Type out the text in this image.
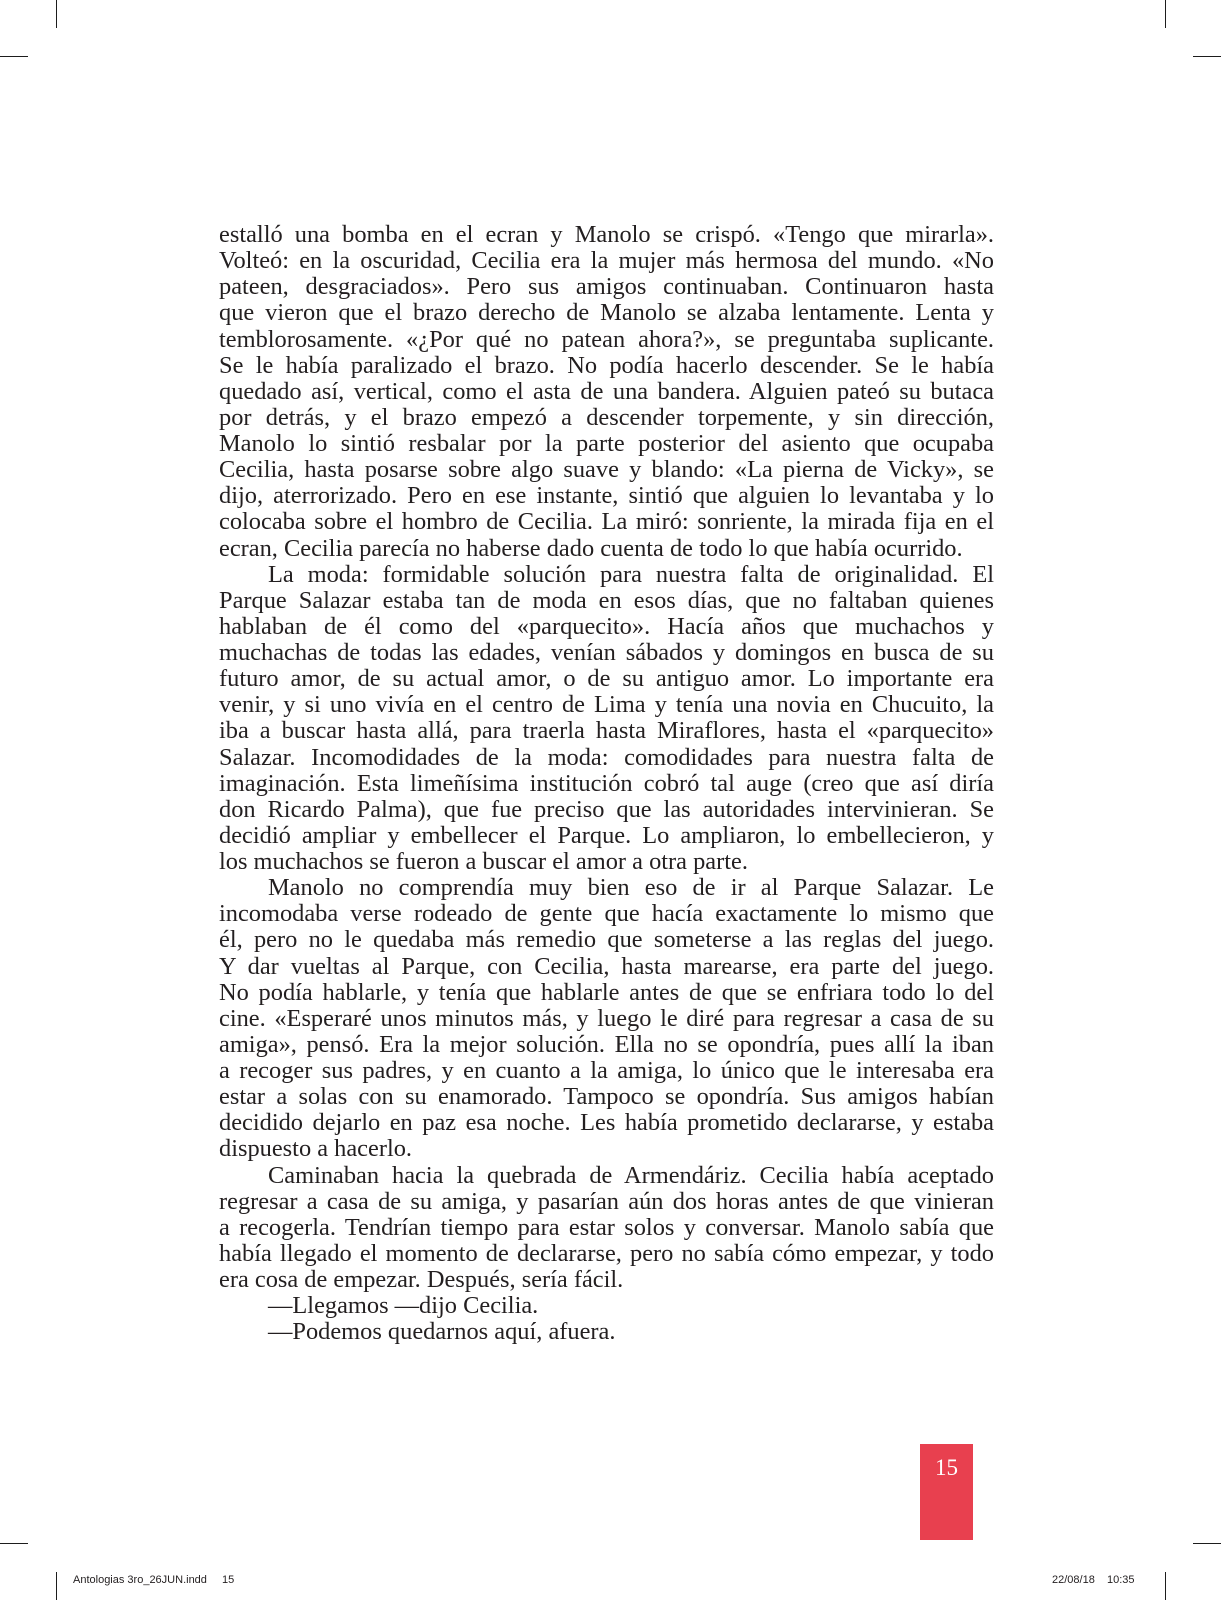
estalló una bomba en el ecran y Manolo se crispó. «Tengo que mirarla».
Volteó: en la oscuridad, Cecilia era la mujer más hermosa del mundo. «No
pateen, desgraciados». Pero sus amigos continuaban. Continuaron hasta
que vieron que el brazo derecho de Manolo se alzaba lentamente. Lenta y
temblorosamente. «¿Por qué no patean ahora?», se preguntaba suplicante.
Se le había paralizado el brazo. No podía hacerlo descender. Se le había
quedado así, vertical, como el asta de una bandera. Alguien pateó su butaca
por detrás, y el brazo empezó a descender torpemente, y sin dirección,
Manolo lo sintió resbalar por la parte posterior del asiento que ocupaba
Cecilia, hasta posarse sobre algo suave y blando: «La pierna de Vicky», se
dijo, aterrorizado. Pero en ese instante, sintió que alguien lo levantaba y lo
colocaba sobre el hombro de Cecilia. La miró: sonriente, la mirada fija en el
ecran, Cecilia parecía no haberse dado cuenta de todo lo que había ocurrido.
La moda: formidable solución para nuestra falta de originalidad. El
Parque Salazar estaba tan de moda en esos días, que no faltaban quienes
hablaban de él como del «parquecito». Hacía años que muchachos y
muchachas de todas las edades, venían sábados y domingos en busca de su
futuro amor, de su actual amor, o de su antiguo amor. Lo importante era
venir, y si uno vivía en el centro de Lima y tenía una novia en Chucuito, la
iba a buscar hasta allá, para traerla hasta Miraflores, hasta el «parquecito»
Salazar. Incomodidades de la moda: comodidades para nuestra falta de
imaginación. Esta limeñísima institución cobró tal auge (creo que así diría
don Ricardo Palma), que fue preciso que las autoridades intervinieran. Se
decidió ampliar y embellecer el Parque. Lo ampliaron, lo embellecieron, y
los muchachos se fueron a buscar el amor a otra parte.
Manolo no comprendía muy bien eso de ir al Parque Salazar. Le
incomodaba verse rodeado de gente que hacía exactamente lo mismo que
él, pero no le quedaba más remedio que someterse a las reglas del juego.
Y dar vueltas al Parque, con Cecilia, hasta marearse, era parte del juego.
No podía hablarle, y tenía que hablarle antes de que se enfriara todo lo del
cine. «Esperaré unos minutos más, y luego le diré para regresar a casa de su
amiga», pensó. Era la mejor solución. Ella no se opondría, pues allí la iban
a recoger sus padres, y en cuanto a la amiga, lo único que le interesaba era
estar a solas con su enamorado. Tampoco se opondría. Sus amigos habían
decidido dejarlo en paz esa noche. Les había prometido declararse, y estaba
dispuesto a hacerlo.
Caminaban hacia la quebrada de Armendáriz. Cecilia había aceptado
regresar a casa de su amiga, y pasarían aún dos horas antes de que vinieran
a recogerla. Tendrían tiempo para estar solos y conversar. Manolo sabía que
había llegado el momento de declararse, pero no sabía cómo empezar, y todo
era cosa de empezar. Después, sería fácil.
—Llegamos —dijo Cecilia.
—Podemos quedarnos aquí, afuera.
15
Antologias 3ro_26JUN.indd 15	22/08/18 10:35
